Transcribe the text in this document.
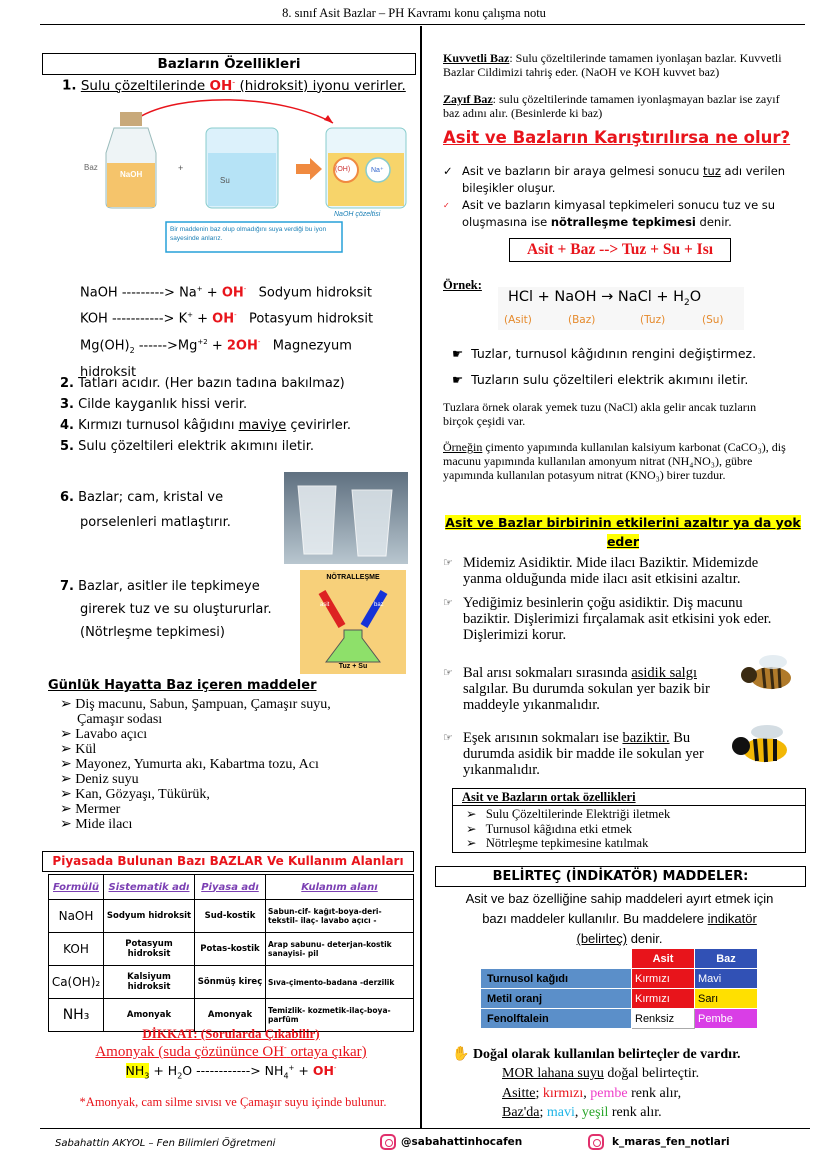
8. sınıf Asit Bazlar – PH Kavramı konu çalışma notu
Bazların Özellikleri
1. Sulu çözeltilerinde OH- (hidroksit) iyonu verirler.
Baz
NaOH
+
Su
(OH)	Na⁺
NaOH çözeltisi
Bir maddenin baz olup olmadığını suya verdiği bu iyon sayesinde anlarız.
NaOH ---------> Na+ + OH-   Sodyum hidroksit
KOH -----------> K+ + OH-   Potasyum hidroksit
$Mg(OH)_2$ $------>Mg^{+2} + 2OH^-$   Magnezyum
hidroksit
2. Tatları acıdır. (Her bazın tadına bakılmaz)
3. Cilde kayganlık hissi verir.
4. Kırmızı turnusol kâğıdını maviye çevirirler.
5. Sulu çözeltileri elektrik akımını iletir.
6. Bazlar; cam, kristal ve
porselenleri matlaştırır.
7. Bazlar, asitler ile tepkimeye
girerek tuz ve su oluştururlar.
(Nötrleşme tepkimesi)
NÖTRALLEŞME
asit	baz
Tuz + Su
Günlük Hayatta Baz içeren maddeler
➢ Diş macunu, Sabun, Şampuan, Çamaşır suyu,
Çamaşır sodası
➢ Lavabo açıcı
➢ Kül
➢ Mayonez, Yumurta akı, Kabartma tozu, Acı
➢ Deniz suyu
➢ Kan, Gözyaşı, Tükürük,
➢ Mermer
➢ Mide ilacı
Piyasada Bulunan Bazı BAZLAR Ve Kullanım Alanları
Formülü	Sistematik adı	Piyasa adı	Kulanım alanı
NaOH	Sodyum hidroksit	Sud-kostik	Sabun-cif- kağıt-boya-deri-tekstil- ilaç- lavabo açıcı -
KOH	Potasyum hidroksit	Potas-kostik	Arap sabunu- deterjan-kostik sanayisi- pil
Ca(OH)₂	Kalsiyum hidroksit	Sönmüş kireç	Sıva-çimento-badana -derzilik
NH₃	Amonyak	Amonyak	Temizlik- kozmetik-ilaç-boya-parfüm
DİKKAT: (Sorularda Çıkabilir)
Amonyak (suda çözününce OH- ortaya çıkar)
$NH_3 + H_2O$ ------------> $NH_4^+ + OH^-$
*Amonyak, cam silme sıvısı ve Çamaşır suyu içinde bulunur.
Kuvvetli Baz: Sulu çözeltilerinde tamamen iyonlaşan bazlar. Kuvvetli Bazlar Cildimizi tahriş eder. (NaOH ve KOH kuvvet baz)
Zayıf Baz: sulu çözeltilerinde tamamen iyonlaşmayan bazlar ise zayıf baz adını alır. (Besinlerde ki baz)
Asit ve Bazların Karıştırılırsa ne olur?
✓ Asit ve bazların bir araya gelmesi sonucu tuz adı verilen bileşikler oluşur.
✓ Asit ve bazların kimyasal tepkimeleri sonucu tuz ve su oluşmasına ise nötralleşme tepkimesi denir.
Asit + Baz --> Tuz + Su + Isı
Örnek:
HCl + NaOH → NaCl + $H_2O$
(Asit)	(Baz)	(Tuz)	(Su)
☛ Tuzlar, turnusol kâğıdının rengini değiştirmez.
☛ Tuzların sulu çözeltileri elektrik akımını iletir.
Tuzlara örnek olarak yemek tuzu (NaCl) akla gelir ancak tuzların birçok çeşidi var.
Örneğin çimento yapımında kullanılan kalsiyum karbonat (CaCO₃), diş macunu yapımında kullanılan amonyum nitrat (NH₄NO₃), gübre yapımında kullanılan potasyum nitrat (KNO₃) birer tuzdur.
Asit ve Bazlar birbirinin etkilerini azaltır ya da yok eder
☞ Midemiz Asidiktir. Mide ilacı Baziktir. Midemizde yanma olduğunda mide ilacı asit etkisini azaltır.
☞ Yediğimiz besinlerin çoğu asidiktir. Diş macunu baziktir. Dişlerimizi fırçalamak asit etkisini yok eder. Dişlerimizi korur.
☞ Bal arısı sokmaları sırasında asidik salgı salgılar. Bu durumda sokulan yer bazik bir maddeyle yıkanmalıdır.
☞ Eşek arısının sokmaları ise baziktir. Bu durumda asidik bir madde ile sokulan yer yıkanmalıdır.
Asit ve Bazların ortak özellikleri
➢   Sulu Çözeltilerinde Elektriği iletmek
➢   Turnusol kâğıdına etki etmek
➢   Nötrleşme tepkimesine katılmak
BELİRTEÇ (İNDİKATÖR) MADDELER:
Asit ve baz özelliğine sahip maddeleri ayırt etmek için
bazı maddeler kullanılır. Bu maddelere indikatör
(belirteç) denir.
	Asit	Baz
Turnusol kağıdı	Kırmızı	Mavi
Metil oranj	Kırmızı	Sarı
Fenolftalein	Renksiz	Pembe
✋ Doğal olarak kullanılan belirteçler de vardır.
MOR lahana suyu doğal belirteçtir.
Asitte; kırmızı, pembe renk alır,
Baz'da; mavi, yeşil renk alır.
Sabahattin AKYOL – Fen Bilimleri Öğretmeni	@sabahattinhocafen	k_maras_fen_notlari
